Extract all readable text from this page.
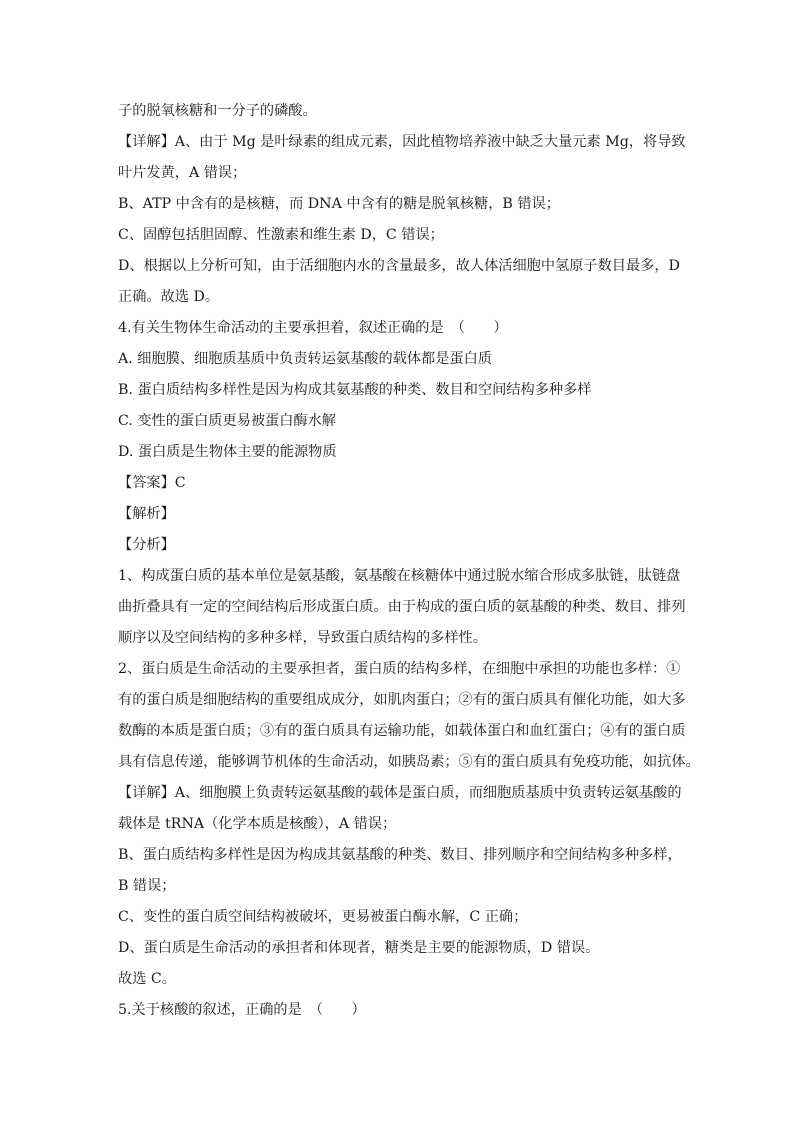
子的脱氧核糖和一分子的磷酸。
【详解】A、由于 Mg 是叶绿素的组成元素，因此植物培养液中缺乏大量元素 Mg，将导致
叶片发黄，A 错误；
B、ATP 中含有的是核糖，而 DNA 中含有的糖是脱氧核糖，B 错误；
C、固醇包括胆固醇、性激素和维生素 D，C 错误；
D、根据以上分析可知，由于活细胞内水的含量最多，故人体活细胞中氢原子数目最多，D
正确。故选 D。
4.有关生物体生命活动的主要承担着，叙述正确的是　（　　）
A. 细胞膜、细胞质基质中负责转运氨基酸的载体都是蛋白质
B. 蛋白质结构多样性是因为构成其氨基酸的种类、数目和空间结构多种多样
C. 变性的蛋白质更易被蛋白酶水解
D. 蛋白质是生物体主要的能源物质
【答案】C
【解析】
【分析】
1、构成蛋白质的基本单位是氨基酸，氨基酸在核糖体中通过脱水缩合形成多肽链，肽链盘
曲折叠具有一定的空间结构后形成蛋白质。由于构成的蛋白质的氨基酸的种类、数目、排列
顺序以及空间结构的多种多样，导致蛋白质结构的多样性。
2、蛋白质是生命活动的主要承担者，蛋白质的结构多样，在细胞中承担的功能也多样：①
有的蛋白质是细胞结构的重要组成成分，如肌肉蛋白；②有的蛋白质具有催化功能，如大多
数酶的本质是蛋白质；③有的蛋白质具有运输功能，如载体蛋白和血红蛋白；④有的蛋白质
具有信息传递，能够调节机体的生命活动，如胰岛素；⑤有的蛋白质具有免疫功能，如抗体。
【详解】A、细胞膜上负责转运氨基酸的载体是蛋白质，而细胞质基质中负责转运氨基酸的
载体是 tRNA（化学本质是核酸），A 错误；
B、蛋白质结构多样性是因为构成其氨基酸的种类、数目、排列顺序和空间结构多种多样，
B 错误；
C、变性的蛋白质空间结构被破坏，更易被蛋白酶水解，C 正确；
D、蛋白质是生命活动的承担者和体现者，糖类是主要的能源物质，D 错误。
故选 C。
5.关于核酸的叙述，正确的是　（　　）
